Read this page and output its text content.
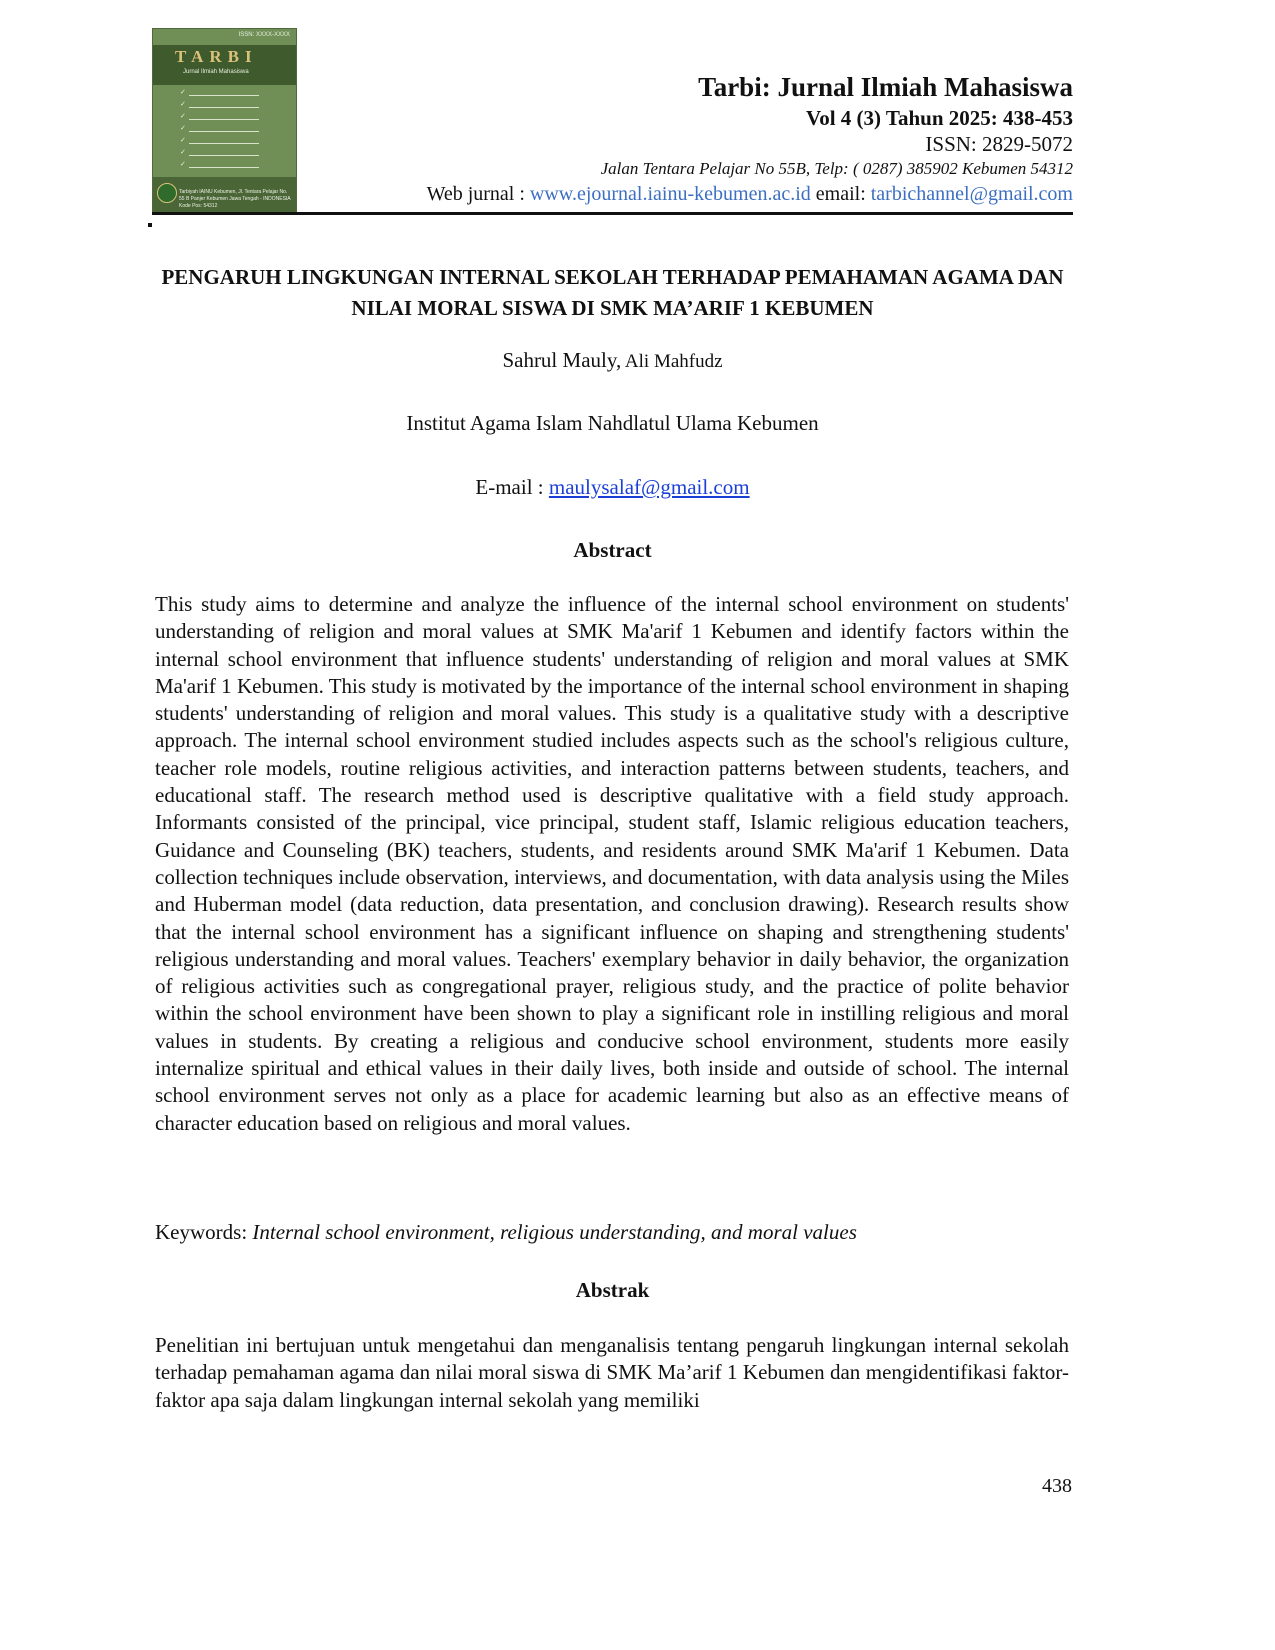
ISSN: XXXX-XXXX
TARBI
Jurnal Ilmiah Mahasiswa
✓
✓
✓
✓
✓
✓
✓
Tarbiyah IAINU Kebumen, Jl. Tentara Pelajar No. 55 B Panjer Kebumen Jawa Tengah - INDONESIA Kode Pos: 54312
Tarbi: Jurnal Ilmiah Mahasiswa
Vol 4 (3) Tahun 2025: 438-453
ISSN: 2829-5072
Jalan Tentara Pelajar No 55B, Telp: ( 0287) 385902 Kebumen 54312
Web jurnal : www.ejournal.iainu-kebumen.ac.id email: tarbichannel@gmail.com
PENGARUH LINGKUNGAN INTERNAL SEKOLAH TERHADAP PEMAHAMAN AGAMA DAN NILAI MORAL SISWA DI SMK MA’ARIF 1 KEBUMEN
Sahrul Mauly, Ali Mahfudz
Institut Agama Islam Nahdlatul Ulama Kebumen
E-mail : maulysalaf@gmail.com
Abstract
This study aims to determine and analyze the influence of the internal school environment on students' understanding of religion and moral values at SMK Ma'arif 1 Kebumen and identify factors within the internal school environment that influence students' understanding of religion and moral values at SMK Ma'arif 1 Kebumen. This study is motivated by the importance of the internal school environment in shaping students' understanding of religion and moral values. This study is a qualitative study with a descriptive approach. The internal school environment studied includes aspects such as the school's religious culture, teacher role models, routine religious activities, and interaction patterns between students, teachers, and educational staff. The research method used is descriptive qualitative with a field study approach. Informants consisted of the principal, vice principal, student staff, Islamic religious education teachers, Guidance and Counseling (BK) teachers, students, and residents around SMK Ma'arif 1 Kebumen. Data collection techniques include observation, interviews, and documentation, with data analysis using the Miles and Huberman model (data reduction, data presentation, and conclusion drawing). Research results show that the internal school environment has a significant influence on shaping and strengthening students' religious understanding and moral values. Teachers' exemplary behavior in daily behavior, the organization of religious activities such as congregational prayer, religious study, and the practice of polite behavior within the school environment have been shown to play a significant role in instilling religious and moral values in students. By creating a religious and conducive school environment, students more easily internalize spiritual and ethical values in their daily lives, both inside and outside of school. The internal school environment serves not only as a place for academic learning but also as an effective means of character education based on religious and moral values.
Keywords: Internal school environment, religious understanding, and moral values
Abstrak
Penelitian ini bertujuan untuk mengetahui dan menganalisis tentang pengaruh lingkungan internal sekolah terhadap pemahaman agama dan nilai moral siswa di SMK Ma’arif 1 Kebumen dan mengidentifikasi faktor-faktor apa saja dalam lingkungan internal sekolah yang memiliki
438
